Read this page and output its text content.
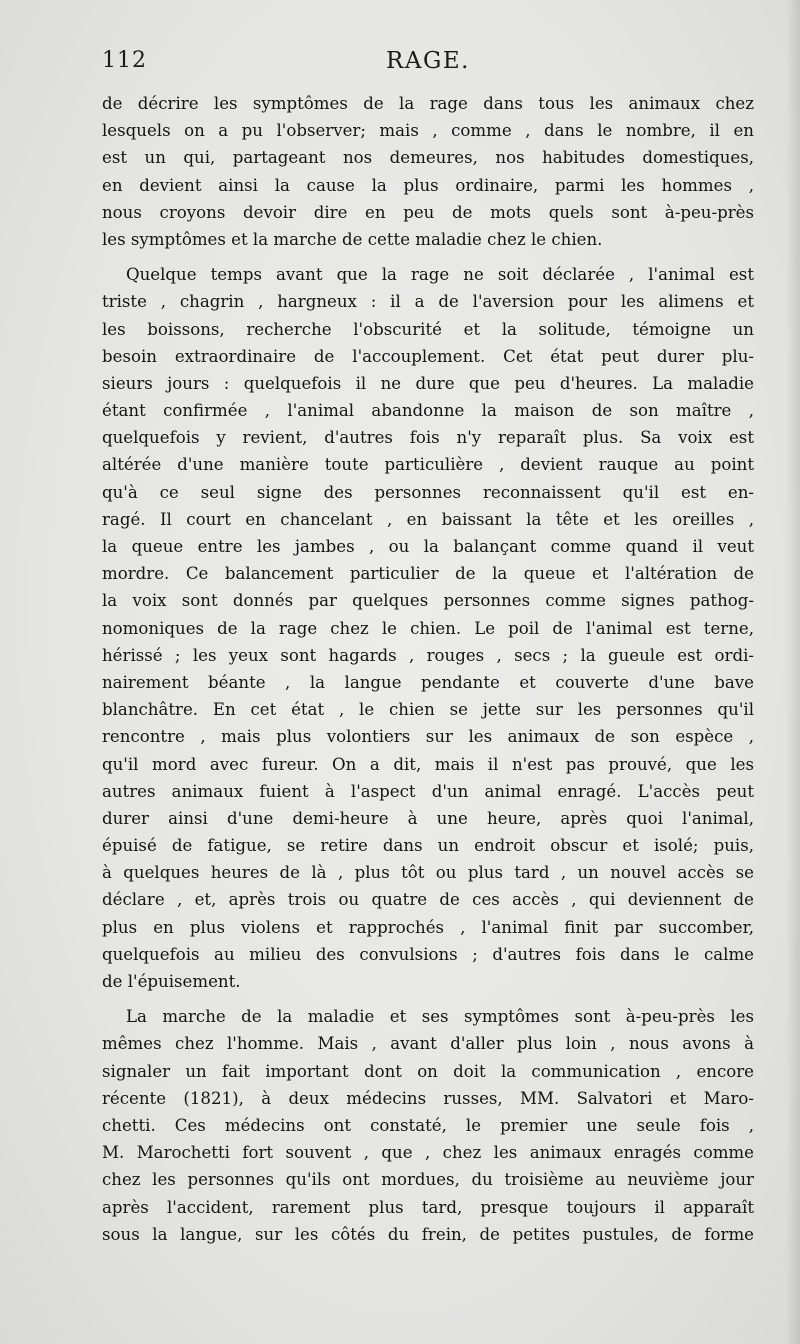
112	RAGE.
de décrire les symptômes de la rage dans tous les animaux chez
lesquels on a pu l'observer; mais , comme , dans le nombre, il en
est un qui, partageant nos demeures, nos habitudes domestiques,
en devient ainsi la cause la plus ordinaire, parmi les hommes ,
nous croyons devoir dire en peu de mots quels sont à-peu-près
les symptômes et la marche de cette maladie chez le chien.
Quelque temps avant que la rage ne soit déclarée , l'animal est
triste , chagrin , hargneux : il a de l'aversion pour les alimens et
les boissons, recherche l'obscurité et la solitude, témoigne un
besoin extraordinaire de l'accouplement. Cet état peut durer plu-
sieurs jours : quelquefois il ne dure que peu d'heures. La maladie
étant confirmée , l'animal abandonne la maison de son maître ,
quelquefois y revient, d'autres fois n'y reparaît plus. Sa voix est
altérée d'une manière toute particulière , devient rauque au point
qu'à ce seul signe des personnes reconnaissent qu'il est en-
ragé. Il court en chancelant , en baissant la tête et les oreilles ,
la queue entre les jambes , ou la balançant comme quand il veut
mordre. Ce balancement particulier de la queue et l'altération de
la voix sont donnés par quelques personnes comme signes pathog-
nomoniques de la rage chez le chien. Le poil de l'animal est terne,
hérissé ; les yeux sont hagards , rouges , secs ; la gueule est ordi-
nairement béante , la langue pendante et couverte d'une bave
blanchâtre. En cet état , le chien se jette sur les personnes qu'il
rencontre , mais plus volontiers sur les animaux de son espèce ,
qu'il mord avec fureur. On a dit, mais il n'est pas prouvé, que les
autres animaux fuient à l'aspect d'un animal enragé. L'accès peut
durer ainsi d'une demi-heure à une heure, après quoi l'animal,
épuisé de fatigue, se retire dans un endroit obscur et isolé; puis,
à quelques heures de là , plus tôt ou plus tard , un nouvel accès se
déclare , et, après trois ou quatre de ces accès , qui deviennent de
plus en plus violens et rapprochés , l'animal finit par succomber,
quelquefois au milieu des convulsions ; d'autres fois dans le calme
de l'épuisement.
La marche de la maladie et ses symptômes sont à-peu-près les
mêmes chez l'homme. Mais , avant d'aller plus loin , nous avons à
signaler un fait important dont on doit la communication , encore
récente (1821), à deux médecins russes, MM. Salvatori et Maro-
chetti. Ces médecins ont constaté, le premier une seule fois ,
M. Marochetti fort souvent , que , chez les animaux enragés comme
chez les personnes qu'ils ont mordues, du troisième au neuvième jour
après l'accident, rarement plus tard, presque toujours il apparaît
sous la langue, sur les côtés du frein, de petites pustules, de forme
